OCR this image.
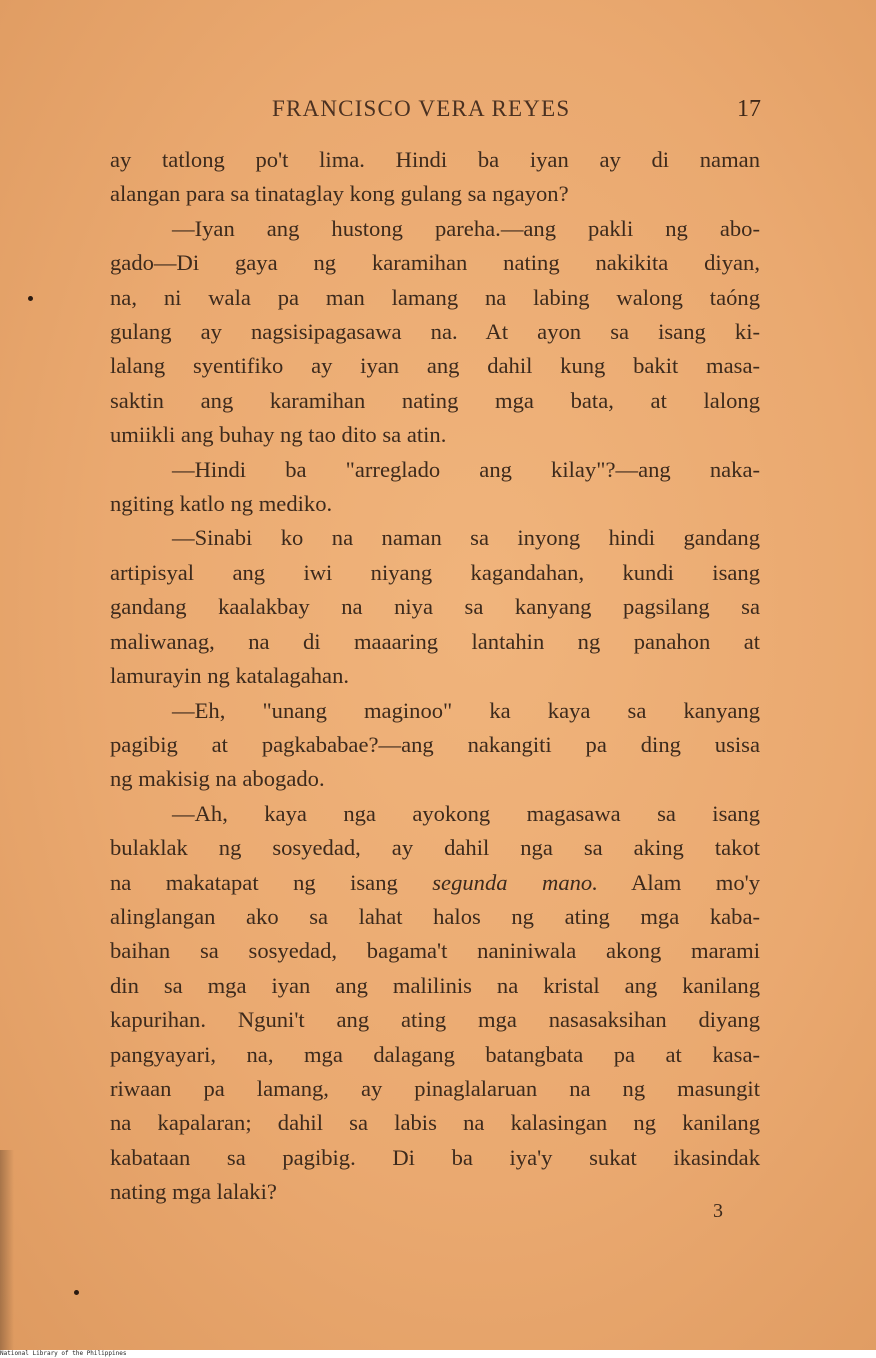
FRANCISCO VERA REYES	17
ay tatlong po't lima. Hindi ba iyan ay di naman
alangan para sa tinataglay kong gulang sa ngayon?
—Iyan ang hustong pareha.—ang pakli ng abo-
gado—Di gaya ng karamihan nating nakikita diyan,
na, ni wala pa man lamang na labing walong taóng
gulang ay nagsisipagasawa na. At ayon sa isang ki-
lalang syentifiko ay iyan ang dahil kung bakit masa-
saktin ang karamihan nating mga bata, at lalong
umiikli ang buhay ng tao dito sa atin.
—Hindi ba "arreglado ang kilay"?—ang naka-
ngiting katlo ng mediko.
—Sinabi ko na naman sa inyong hindi gandang
artipisyal ang iwi niyang kagandahan, kundi isang
gandang kaalakbay na niya sa kanyang pagsilang sa
maliwanag, na di maaaring lantahin ng panahon at
lamurayin ng katalagahan.
—Eh, "unang maginoo" ka kaya sa kanyang
pagibig at pagkababae?—ang nakangiti pa ding usisa
ng makisig na abogado.
—Ah, kaya nga ayokong magasawa sa isang
bulaklak ng sosyedad, ay dahil nga sa aking takot
na makatapat ng isang segunda mano. Alam mo'y
alinglangan ako sa lahat halos ng ating mga kaba-
baihan sa sosyedad, bagama't naniniwala akong marami
din sa mga iyan ang malilinis na kristal ang kanilang
kapurihan. Nguni't ang ating mga nasasaksihan diyang
pangyayari, na, mga dalagang batangbata pa at kasa-
riwaan pa lamang, ay pinaglalaruan na ng masungit
na kapalaran; dahil sa labis na kalasingan ng kanilang
kabataan sa pagibig. Di ba iya'y sukat ikasindak
nating mga lalaki?
3
National Library of the Philippines
